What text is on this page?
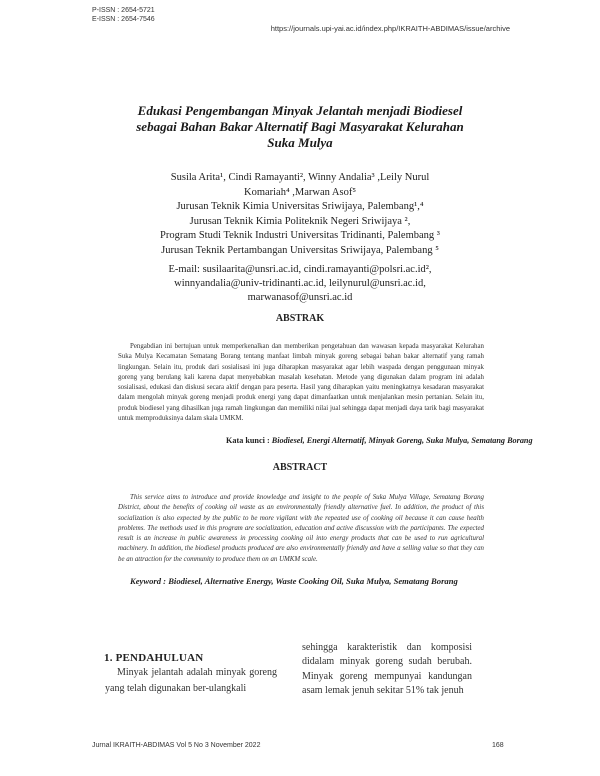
P-ISSN : 2654-5721
E-ISSN : 2654-7546
https://journals.upi-yai.ac.id/index.php/IKRAITH-ABDIMAS/issue/archive
Edukasi Pengembangan Minyak Jelantah menjadi Biodiesel
sebagai Bahan Bakar Alternatif Bagi Masyarakat Kelurahan
Suka Mulya
Susila Arita¹, Cindi Ramayanti², Winny Andalia³ ,Leily Nurul
Komariah⁴ ,Marwan Asof⁵
Jurusan Teknik Kimia Universitas Sriwijaya, Palembang¹,⁴
Jurusan Teknik Kimia Politeknik Negeri Sriwijaya ²,
Program Studi Teknik Industri Universitas Tridinanti, Palembang ³
Jurusan Teknik Pertambangan Universitas Sriwijaya, Palembang ⁵
E-mail: susilaarita@unsri.ac.id, cindi.ramayanti@polsri.ac.id²,
winnyandalia@univ-tridinanti.ac.id, leilynurul@unsri.ac.id,
marwanasof@unsri.ac.id
ABSTRAK

Pengabdian ini bertujuan untuk memperkenalkan dan memberikan pengetahuan dan wawasan kepada masyarakat Kelurahan Suka Mulya Kecamatan Sematang Borang tentang manfaat limbah minyak goreng sebagai bahan bakar alternatif yang ramah lingkungan. Selain itu, produk dari sosialisasi ini juga diharapkan masyarakat agar lebih waspada dengan penggunaan minyak goreng yang berulang kali karena dapat menyebabkan masalah kesehatan. Metode yang digunakan dalam program ini adalah sosialisasi, edukasi dan diskusi secara aktif dengan para peserta. Hasil yang diharapkan yaitu meningkatnya kesadaran masyarakat dalam mengolah minyak goreng menjadi produk energi yang dapat dimanfaatkan untuk menjalankan mesin pertanian. Selain itu, produk biodiesel yang dihasilkan juga ramah lingkungan dan memiliki nilai jual sehingga dapat menjadi daya tarik bagi masyarakat untuk memproduksinya dalam skala UMKM.

Kata kunci : Biodiesel, Energi Alternatif, Minyak Goreng, Suka Mulya, Sematang Borang
ABSTRACT

This service aims to introduce and provide knowledge and insight to the people of Suka Mulya Village, Sematang Borang District, about the benefits of cooking oil waste as an environmentally friendly alternative fuel. In addition, the product of this socialization is also expected by the public to be more vigilant with the repeated use of cooking oil because it can cause health problems. The methods used in this program are socialization, education and active discussion with the participants. The expected result is an increase in public awareness in processing cooking oil into energy products that can be used to run agricultural machinery. In addition, the biodiesel products produced are also environmentally friendly and have a selling value so that they can be an attraction for the community to produce them on an UMKM scale.

Keyword : Biodiesel, Alternative Energy, Waste Cooking Oil, Suka Mulya, Sematang Borang
1. PENDAHULUAN

Minyak jelantah adalah minyak goreng yang telah digunakan ber-ulangkali

sehingga karakteristik dan komposisi didalam minyak goreng sudah berubah. Minyak goreng mempunyai kandungan asam lemak jenuh sekitar 51% tak jenuh

Jurnal IKRAITH-ABDIMAS Vol 5 No 3 November 2022	168
